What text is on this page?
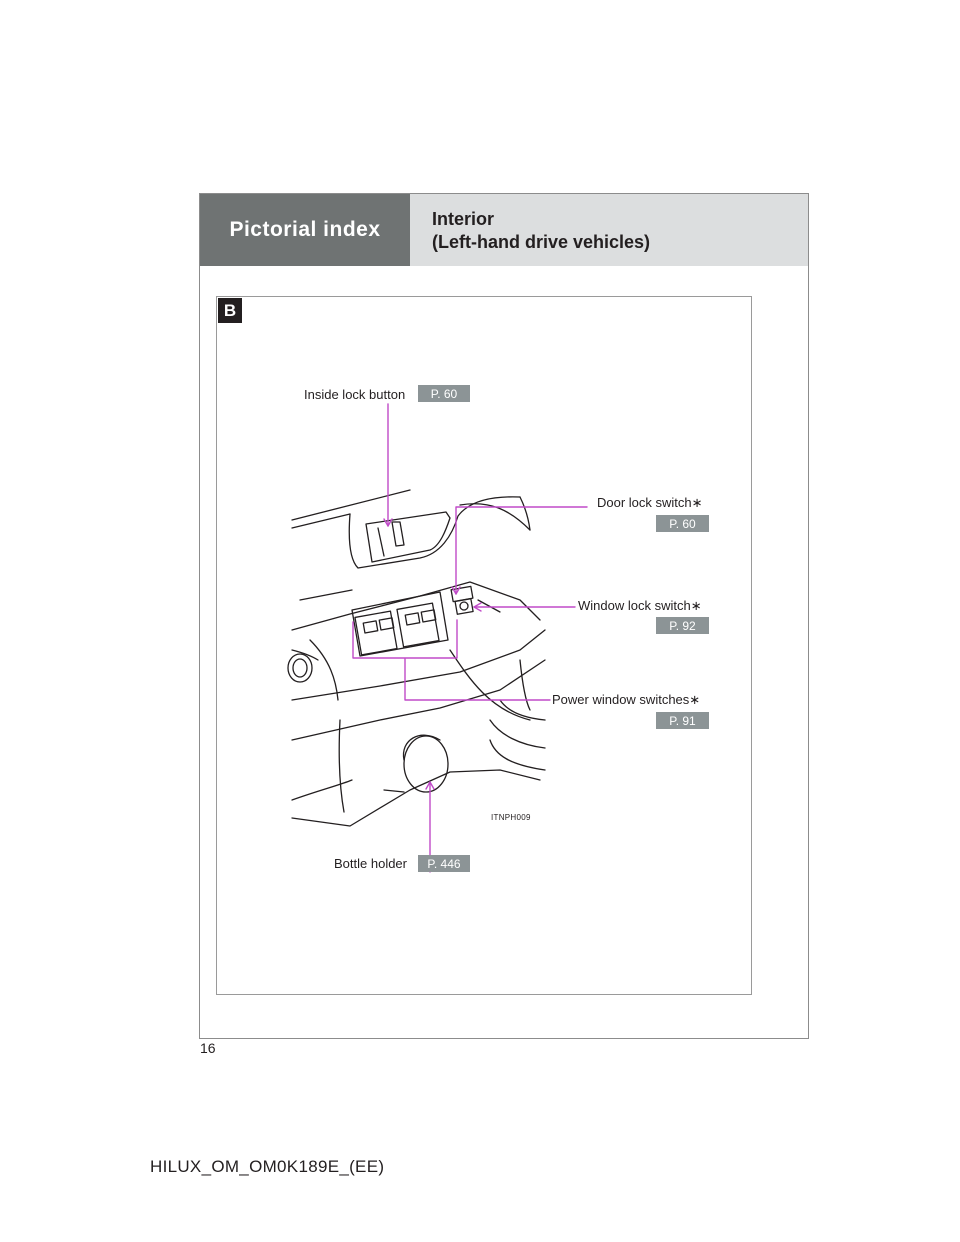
Pictorial index	Interior
(Left-hand drive vehicles)
B
ITNPH009
Inside lock button	P. 60
Door lock switch∗
P. 60
Window lock switch∗
P. 92
Power window switches∗
P. 91
Bottle holder	P. 446
16
HILUX_OM_OM0K189E_(EE)
